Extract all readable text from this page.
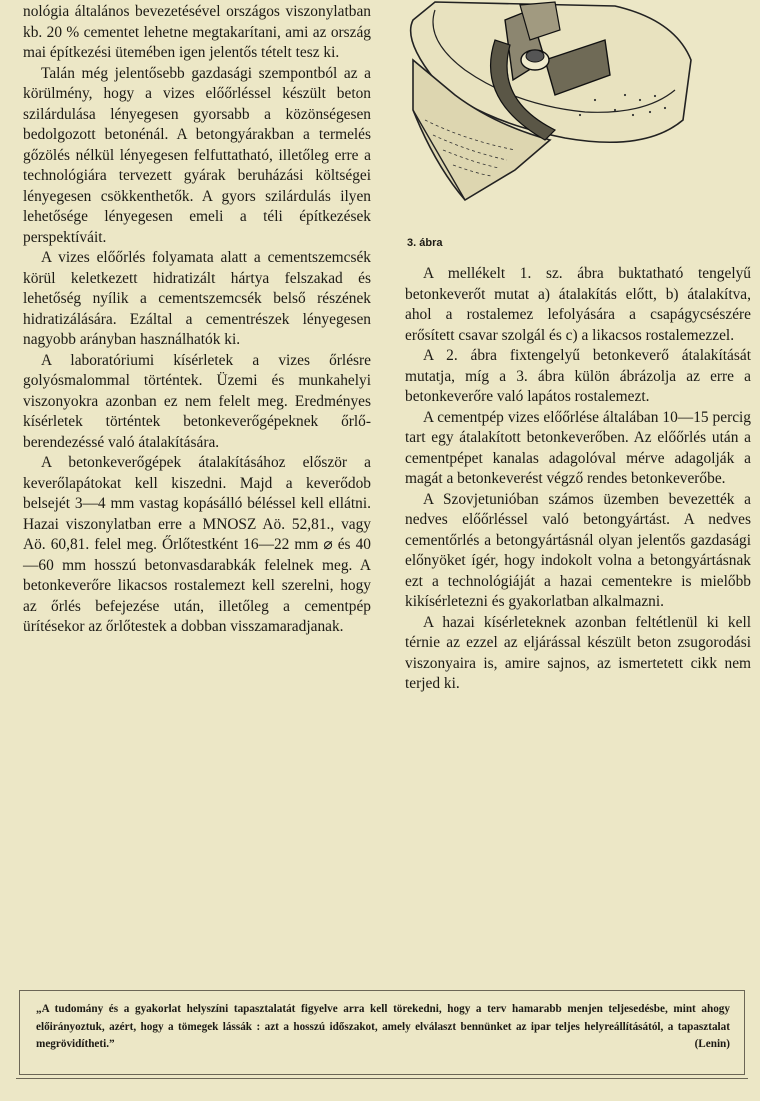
nológia általános bevezetésével országos viszonylatban kb. 20 % cementet lehetne megtakarítani, ami az ország mai építkezési ütemében igen jelentős tételt tesz ki.

Talán még jelentősebb gazdasági szempontból az a körülmény, hogy a vizes előőrléssel készült beton szilárdulása lényegesen gyorsabb a közönségesen bedolgozott betonénál. A betongyárakban a termelés gőzölés nélkül lényegesen felfuttatható, illetőleg erre a technológiára tervezett gyárak beruházási költségei lényegesen csökkenthetők. A gyors szilárdulás ilyen lehetősége lényegesen emeli a téli építkezések perspektíváit.

A vizes előőrlés folyamata alatt a cementszemcsék körül keletkezett hidratizált hártya felszakad és lehetőség nyílik a cementszemcsék belső részének hidratizálására. Ezáltal a cementrészek lényegesen nagyobb arányban használhatók ki.

A laboratóriumi kísérletek a vizes őrlésre golyósmalommal történtek. Üzemi és munkahelyi viszonyokra azonban ez nem felelt meg. Eredményes kísérletek történtek betonkeverőgépeknek őrlő-berendezéssé való átalakítására.

A betonkeverőgépek átalakításához először a keverőlapátokat kell kiszedni. Majd a keverődob belsejét 3—4 mm vastag kopásálló béléssel kell ellátni. Hazai viszonylatban erre a MNOSZ Aö. 52,81., vagy Aö. 60,81. felel meg. Őrlőtestként 16—22 mm ⌀ és 40—60 mm hosszú betonvasdarabkák felelnek meg. A betonkeverőre likacsos rostalemezt kell szerelni, hogy az őrlés befejezése után, illetőleg a cementpép ürítésekor az őrlőtestek a dobban visszamaradjanak.

3. ábra

A mellékelt 1. sz. ábra buktatható tengelyű betonkeverőt mutat a) átalakítás előtt, b) átalakítva, ahol a rostalemez lefolyására a csapágycsészére erősített csavar szolgál és c) a likacsos rostalemezzel.

A 2. ábra fixtengelyű betonkeverő átalakítását mutatja, míg a 3. ábra külön ábrázolja az erre a betonkeverőre való lapátos rostalemezt.

A cementpép vizes előőrlése általában 10—15 percig tart egy átalakított betonkeverőben. Az előőrlés után a cementpépet kanalas adagolóval mérve adagolják a magát a betonkeverést végző rendes betonkeverőbe.

A Szovjetunióban számos üzemben bevezették a nedves előőrléssel való betongyártást. A nedves cementőrlés a betongyártásnál olyan jelentős gazdasági előnyöket ígér, hogy indokolt volna a betongyártásnak ezt a technológiáját a hazai cementekre is mielőbb kikísérletezni és gyakorlatban alkalmazni.

A hazai kísérleteknek azonban feltétlenül ki kell térnie az ezzel az eljárással készült beton zsugorodási viszonyaira is, amire sajnos, az ismertetett cikk nem terjed ki.

„A tudomány és a gyakorlat helyszíni tapasztalatát figyelve arra kell törekedni, hogy a terv hamarabb menjen teljesedésbe, mint ahogy előirányoztuk, azért, hogy a tömegek lássák : azt a hosszú időszakot, amely elválaszt bennünket az ipar teljes helyreállításától, a tapasztalat megrövidítheti.”	(Lenin)
